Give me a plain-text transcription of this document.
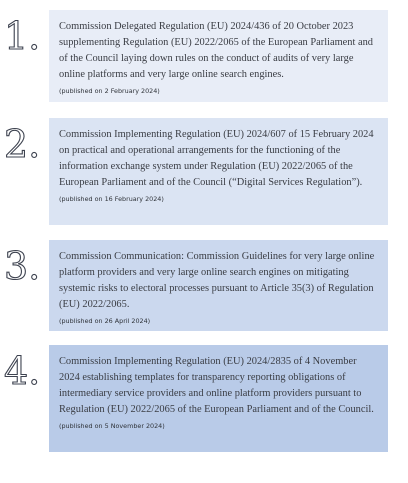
1.	Commission Delegated Regulation (EU) 2024/436 of 20 October 2023 supplementing Regulation (EU) 2022/2065 of the European Parliament and of the Council laying down rules on the conduct of audits of very large online platforms and very large online search engines.

(published on 2 February 2024)
2.	Commission Implementing Regulation (EU) 2024/607 of 15 February 2024 on practical and operational arrangements for the functioning of the information exchange system under Regulation (EU) 2022/2065 of the European Parliament and of the Council (“Digital Services Regulation”).

(published on 16 February 2024)
3.	Commission Communication: Commission Guidelines for very large online platform providers and very large online search engines on mitigating systemic risks to electoral processes pursuant to Article 35(3) of Regulation (EU) 2022/2065.

(published on 26 April 2024)
4.	Commission Implementing Regulation (EU) 2024/2835 of 4 November 2024 establishing templates for transparency reporting obligations of intermediary service providers and online platform providers pursuant to Regulation (EU) 2022/2065 of the European Parliament and of the Council.

(published on 5 November 2024)
